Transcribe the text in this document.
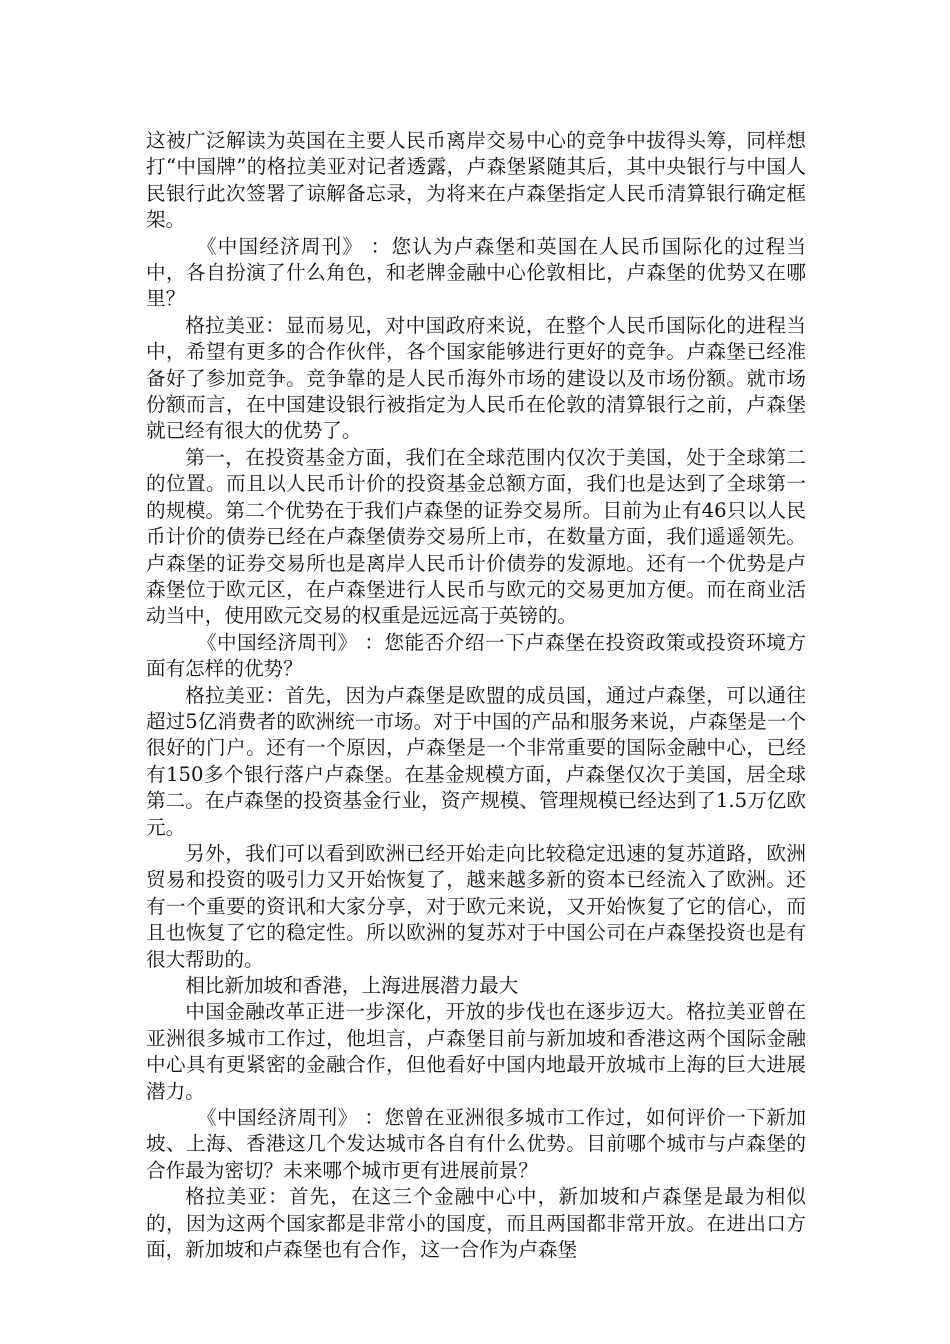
这被广泛解读为英国在主要人民币离岸交易中心的竞争中拔得头筹，同样想打“中国牌”的格拉美亚对记者透露，卢森堡紧随其后，其中央银行与中国人民银行此次签署了谅解备忘录，为将来在卢森堡指定人民币清算银行确定框架。

《中国经济周刊》 ：您认为卢森堡和英国在人民币国际化的过程当中，各自扮演了什么角色，和老牌金融中心伦敦相比，卢森堡的优势又在哪里？

格拉美亚：显而易见，对中国政府来说，在整个人民币国际化的进程当中，希望有更多的合作伙伴，各个国家能够进行更好的竞争。卢森堡已经准备好了参加竞争。竞争靠的是人民币海外市场的建设以及市场份额。就市场份额而言，在中国建设银行被指定为人民币在伦敦的清算银行之前，卢森堡就已经有很大的优势了。

第一，在投资基金方面，我们在全球范围内仅次于美国，处于全球第二的位置。而且以人民币计价的投资基金总额方面，我们也是达到了全球第一的规模。第二个优势在于我们卢森堡的证券交易所。目前为止有46只以人民币计价的债券已经在卢森堡债券交易所上市，在数量方面，我们遥遥领先。卢森堡的证券交易所也是离岸人民币计价债券的发源地。还有一个优势是卢森堡位于欧元区，在卢森堡进行人民币与欧元的交易更加方便。而在商业活动当中，使用欧元交易的权重是远远高于英镑的。

《中国经济周刊》 ：您能否介绍一下卢森堡在投资政策或投资环境方面有怎样的优势？

格拉美亚：首先，因为卢森堡是欧盟的成员国，通过卢森堡，可以通往超过5亿消费者的欧洲统一市场。对于中国的产品和服务来说，卢森堡是一个很好的门户。还有一个原因，卢森堡是一个非常重要的国际金融中心，已经有150多个银行落户卢森堡。在基金规模方面，卢森堡仅次于美国，居全球第二。在卢森堡的投资基金行业，资产规模、管理规模已经达到了1.5万亿欧元。

另外，我们可以看到欧洲已经开始走向比较稳定迅速的复苏道路，欧洲贸易和投资的吸引力又开始恢复了，越来越多新的资本已经流入了欧洲。还有一个重要的资讯和大家分享，对于欧元来说，又开始恢复了它的信心，而且也恢复了它的稳定性。所以欧洲的复苏对于中国公司在卢森堡投资也是有很大帮助的。

相比新加坡和香港，上海进展潜力最大

中国金融改革正进一步深化，开放的步伐也在逐步迈大。格拉美亚曾在亚洲很多城市工作过，他坦言，卢森堡目前与新加坡和香港这两个国际金融中心具有更紧密的金融合作，但他看好中国内地最开放城市上海的巨大进展潜力。

《中国经济周刊》 ：您曾在亚洲很多城市工作过，如何评价一下新加坡、上海、香港这几个发达城市各自有什么优势。目前哪个城市与卢森堡的合作最为密切？未来哪个城市更有进展前景？

格拉美亚：首先，在这三个金融中心中，新加坡和卢森堡是最为相似的，因为这两个国家都是非常小的国度，而且两国都非常开放。在进出口方面，新加坡和卢森堡也有合作，这一合作为卢森堡
